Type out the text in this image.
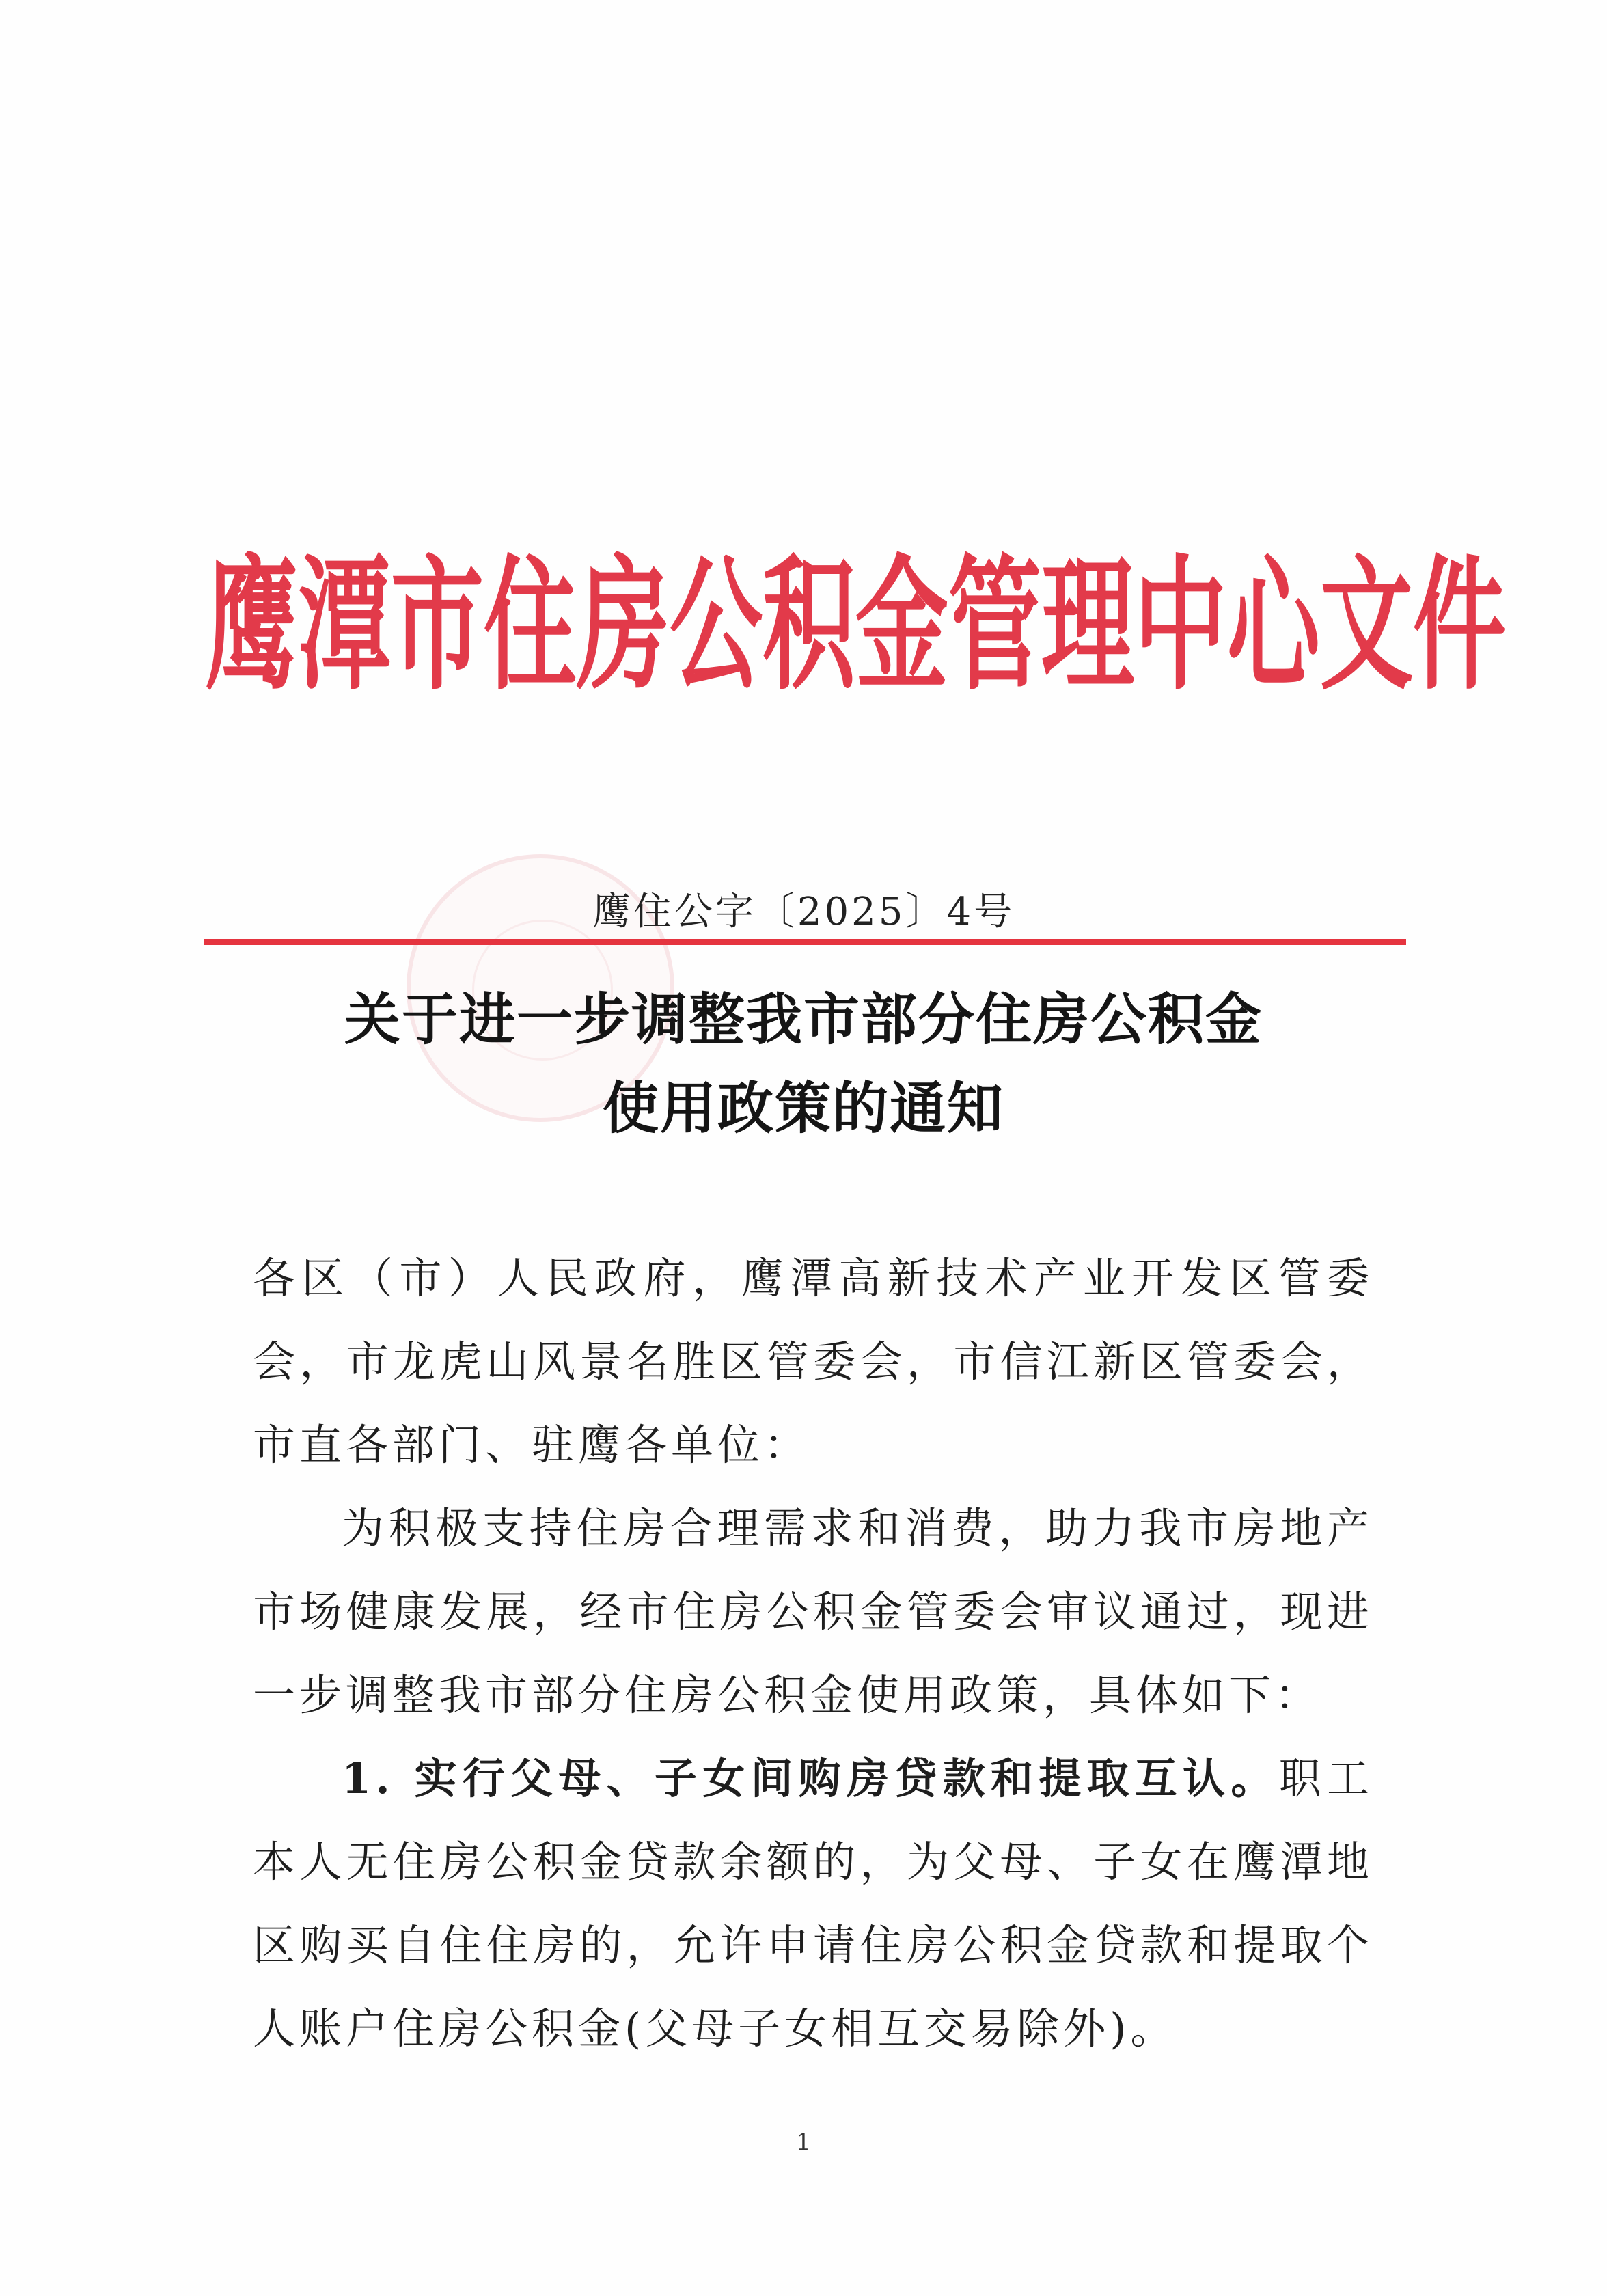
鹰潭市住房公积金管理中心文件
鹰住公字〔2025〕4号
关于进一步调整我市部分住房公积金
使用政策的通知

各区（市）人民政府，鹰潭高新技术产业开发区管委会，市龙虎山风景名胜区管委会，市信江新区管委会，市直各部门、驻鹰各单位：

为积极支持住房合理需求和消费，助力我市房地产市场健康发展，经市住房公积金管委会审议通过，现进一步调整我市部分住房公积金使用政策，具体如下：

1. 实行父母、子女间购房贷款和提取互认。职工本人无住房公积金贷款余额的，为父母、子女在鹰潭地区购买自住住房的，允许申请住房公积金贷款和提取个人账户住房公积金(父母子女相互交易除外)。

1
